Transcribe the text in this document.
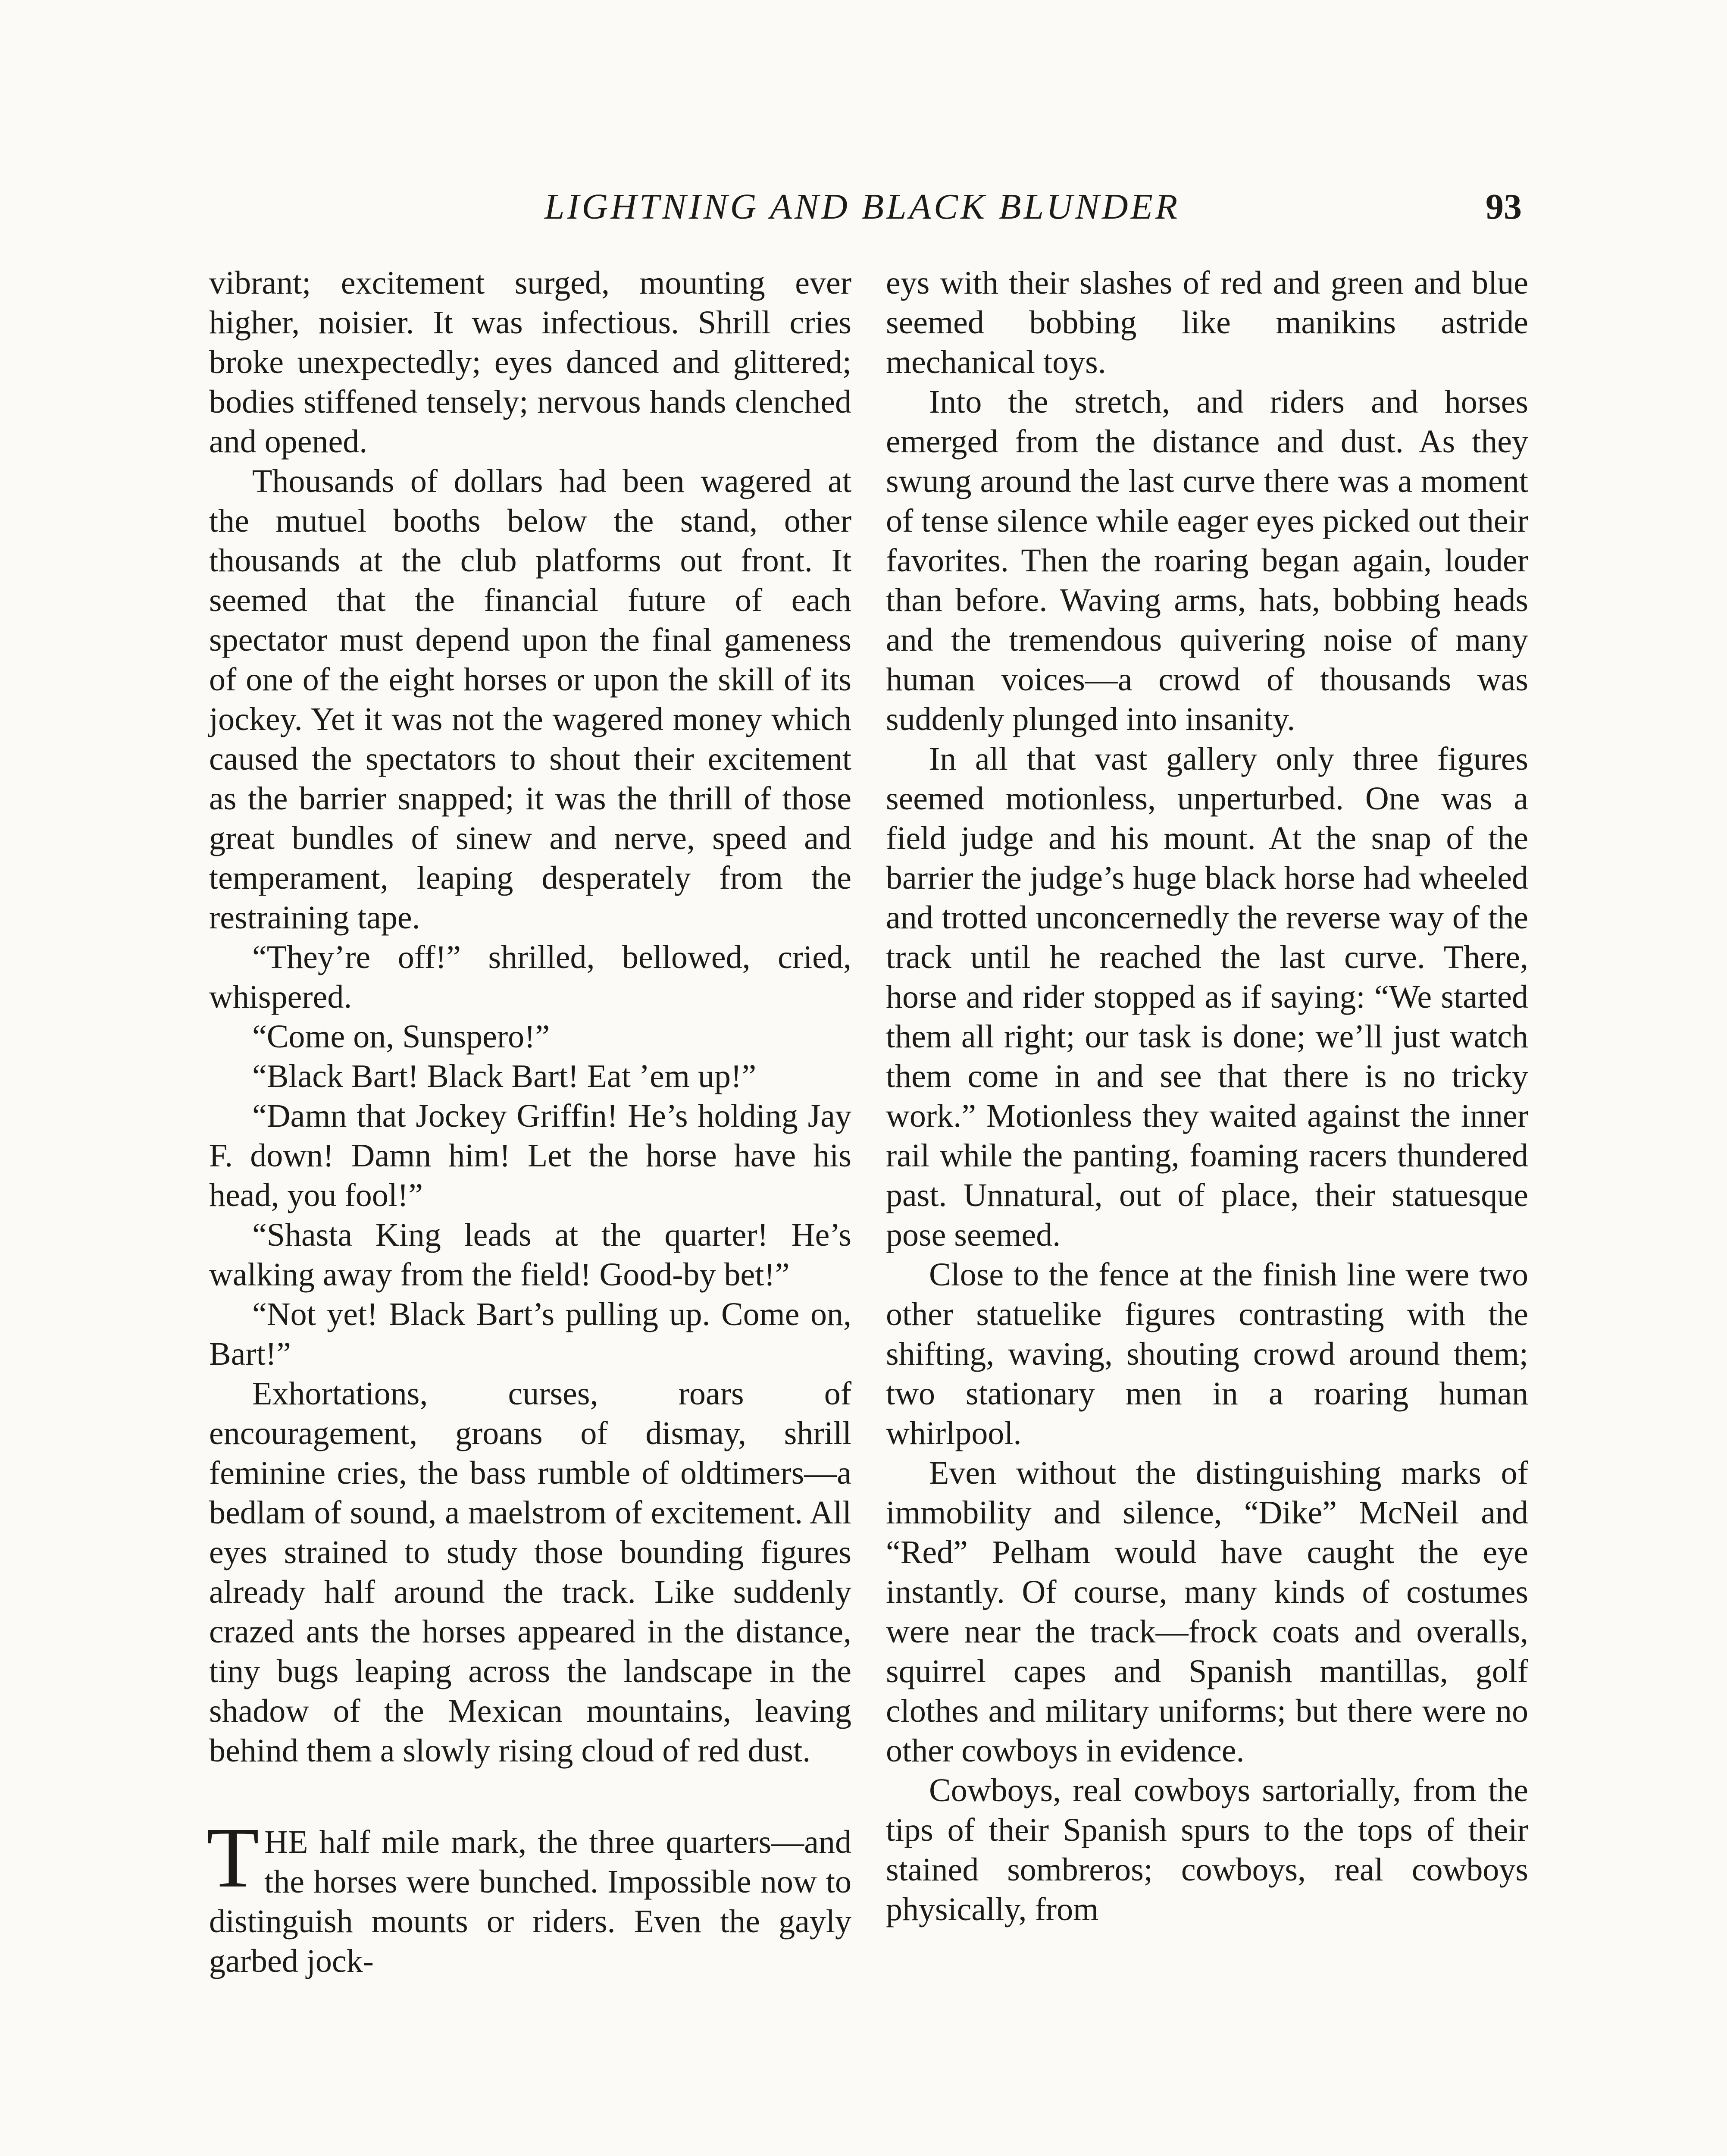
LIGHTNING AND BLACK BLUNDER	93

vibrant; excitement surged, mounting ever higher, noisier. It was infectious. Shrill cries broke unexpectedly; eyes danced and glittered; bodies stiffened tensely; nervous hands clenched and opened.

Thousands of dollars had been wagered at the mutuel booths below the stand, other thousands at the club platforms out front. It seemed that the financial future of each spectator must depend upon the final gameness of one of the eight horses or upon the skill of its jockey. Yet it was not the wagered money which caused the spectators to shout their excitement as the barrier snapped; it was the thrill of those great bundles of sinew and nerve, speed and temperament, leaping desperately from the restraining tape.

“They’re off!” shrilled, bellowed, cried, whispered.

“Come on, Sunspero!”

“Black Bart! Black Bart! Eat ’em up!”

“Damn that Jockey Griffin! He’s holding Jay F. down! Damn him! Let the horse have his head, you fool!”

“Shasta King leads at the quarter! He’s walking away from the field! Good-by bet!”

“Not yet! Black Bart’s pulling up. Come on, Bart!”

Exhortations, curses, roars of encouragement, groans of dismay, shrill feminine cries, the bass rumble of oldtimers—a bedlam of sound, a maelstrom of excitement. All eyes strained to study those bounding figures already half around the track. Like suddenly crazed ants the horses appeared in the distance, tiny bugs leaping across the landscape in the shadow of the Mexican mountains, leaving behind them a slowly rising cloud of red dust.

THE half mile mark, the three quarters—and the horses were bunched. Impossible now to distinguish mounts or riders. Even the gayly garbed jock-

eys with their slashes of red and green and blue seemed bobbing like manikins astride mechanical toys.

Into the stretch, and riders and horses emerged from the distance and dust. As they swung around the last curve there was a moment of tense silence while eager eyes picked out their favorites. Then the roaring began again, louder than before. Waving arms, hats, bobbing heads and the tremendous quivering noise of many human voices—a crowd of thousands was suddenly plunged into insanity.

In all that vast gallery only three figures seemed motionless, unperturbed. One was a field judge and his mount. At the snap of the barrier the judge’s huge black horse had wheeled and trotted unconcernedly the reverse way of the track until he reached the last curve. There, horse and rider stopped as if saying: “We started them all right; our task is done; we’ll just watch them come in and see that there is no tricky work.” Motionless they waited against the inner rail while the panting, foaming racers thundered past. Unnatural, out of place, their statuesque pose seemed.

Close to the fence at the finish line were two other statuelike figures contrasting with the shifting, waving, shouting crowd around them; two stationary men in a roaring human whirlpool.

Even without the distinguishing marks of immobility and silence, “Dike” McNeil and “Red” Pelham would have caught the eye instantly. Of course, many kinds of costumes were near the track—frock coats and overalls, squirrel capes and Spanish mantillas, golf clothes and military uniforms; but there were no other cowboys in evidence.

Cowboys, real cowboys sartorially, from the tips of their Spanish spurs to the tops of their stained sombreros; cowboys, real cowboys physically, from
